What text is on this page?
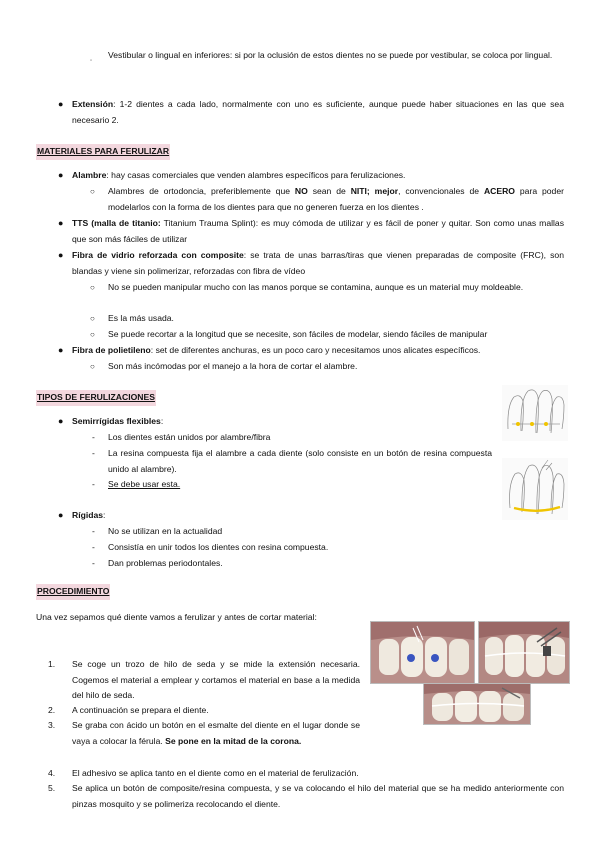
▫
Vestibular o lingual en inferiores: si por la oclusión de estos dientes no se puede por vestibular, se coloca por lingual.
● Extensión: 1-2 dientes a cada lado, normalmente con uno es suficiente, aunque puede haber situaciones en las que sea necesario 2.
MATERIALES PARA FERULIZAR
● Alambre: hay casas comerciales que venden alambres específicos para ferulizaciones.
○ Alambres de ortodoncia, preferiblemente que NO sean de NITI; mejor, convencionales de ACERO para poder modelarlos con la forma de los dientes para que no generen fuerza en los dientes .
● TTS (malla de titanio: Titanium Trauma Splint): es muy cómoda de utilizar y es fácil de poner y quitar. Son como unas mallas que son más fáciles de utilizar
● Fibra de vidrio reforzada con composite: se trata de unas barras/tiras que vienen preparadas de composite (FRC), son blandas y viene sin polimerizar, reforzadas con fibra de vídeo
○ No se pueden manipular mucho con las manos porque se contamina, aunque es un material muy moldeable.
○ Es la más usada.
○ Se puede recortar a la longitud que se necesite, son fáciles de modelar, siendo fáciles de manipular
● Fibra de polietileno: set de diferentes anchuras, es un poco caro y necesitamos unos alicates específicos.
○ Son más incómodas por el manejo a la hora de cortar el alambre.
TIPOS DE FERULIZACIONES
● Semirrígidas flexibles:
- Los dientes están unidos por alambre/fibra
- La resina compuesta fija el alambre a cada diente (solo consiste en un botón de resina compuesta unido al alambre).
- Se debe usar esta.
● Rígidas:
- No se utilizan en la actualidad
- Consistía en unir todos los dientes con resina compuesta.
- Dan problemas periodontales.
PROCEDIMIENTO
Una vez sepamos qué diente vamos a ferulizar y antes de cortar material:
1. Se coge un trozo de hilo de seda y se mide la extensión necesaria. Cogemos el material a emplear y cortamos el material en base a la medida del hilo de seda.
2. A continuación se prepara el diente.
3. Se graba con ácido un botón en el esmalte del diente en el lugar donde se vaya a colocar la férula. Se pone en la mitad de la corona.
4. El adhesivo se aplica tanto en el diente como en el material de ferulización.
5. Se aplica un botón de composite/resina compuesta, y se va colocando el hilo del material que se ha medido anteriormente con pinzas mosquito y se polimeriza recolocando el diente.
